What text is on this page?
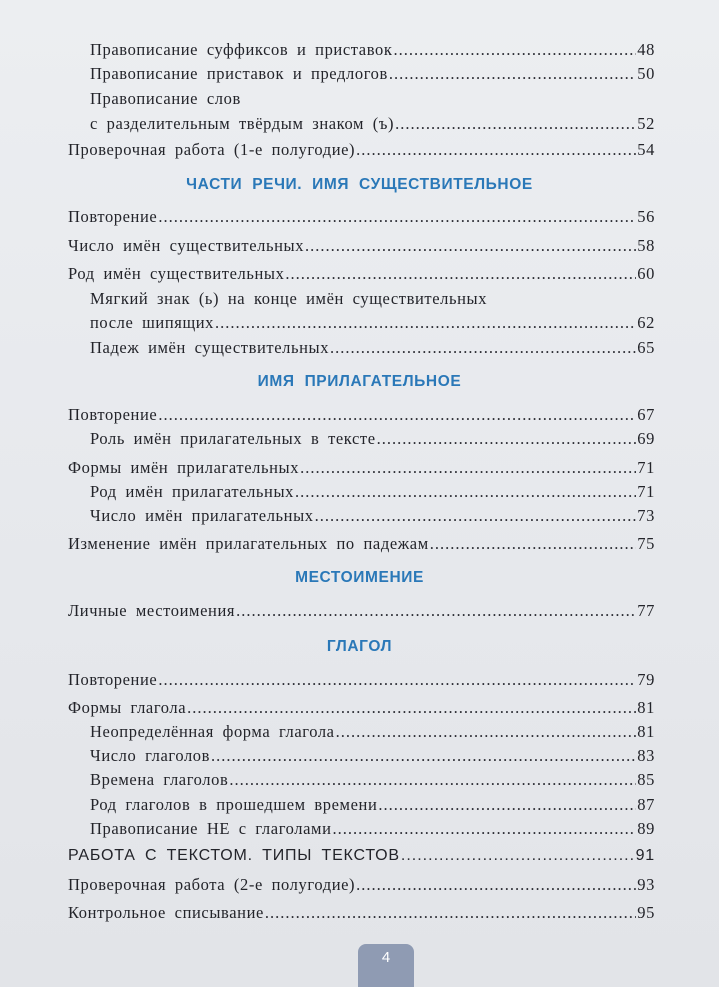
Правописание суффиксов и приставок .....	48
Правописание приставок и предлогов .....	50
Правописание слов
с разделительным твёрдым знаком (ъ) .....	52
Проверочная работа (1-е полугодие) .....	54
ЧАСТИ РЕЧИ. ИМЯ СУЩЕСТВИТЕЛЬНОЕ
Повторение .....	56
Число имён существительных .....	58
Род имён существительных .....	60
Мягкий знак (ь) на конце имён существительных
после шипящих .....	62
Падеж имён существительных .....	65
ИМЯ ПРИЛАГАТЕЛЬНОЕ
Повторение .....	67
Роль имён прилагательных в тексте .....	69
Формы имён прилагательных .....	71
Род имён прилагательных .....	71
Число имён прилагательных .....	73
Изменение имён прилагательных по падежам .....	75
МЕСТОИМЕНИЕ
Личные местоимения .....	77
ГЛАГОЛ
Повторение .....	79
Формы глагола .....	81
Неопределённая форма глагола .....	81
Число глаголов .....	83
Времена глаголов .....	85
Род глаголов в прошедшем времени .....	87
Правописание НЕ с глаголами .....	89
РАБОТА С ТЕКСТОМ. ТИПЫ ТЕКСТОВ .....	91
Проверочная работа (2-е полугодие) .....	93
Контрольное списывание .....	95
4
